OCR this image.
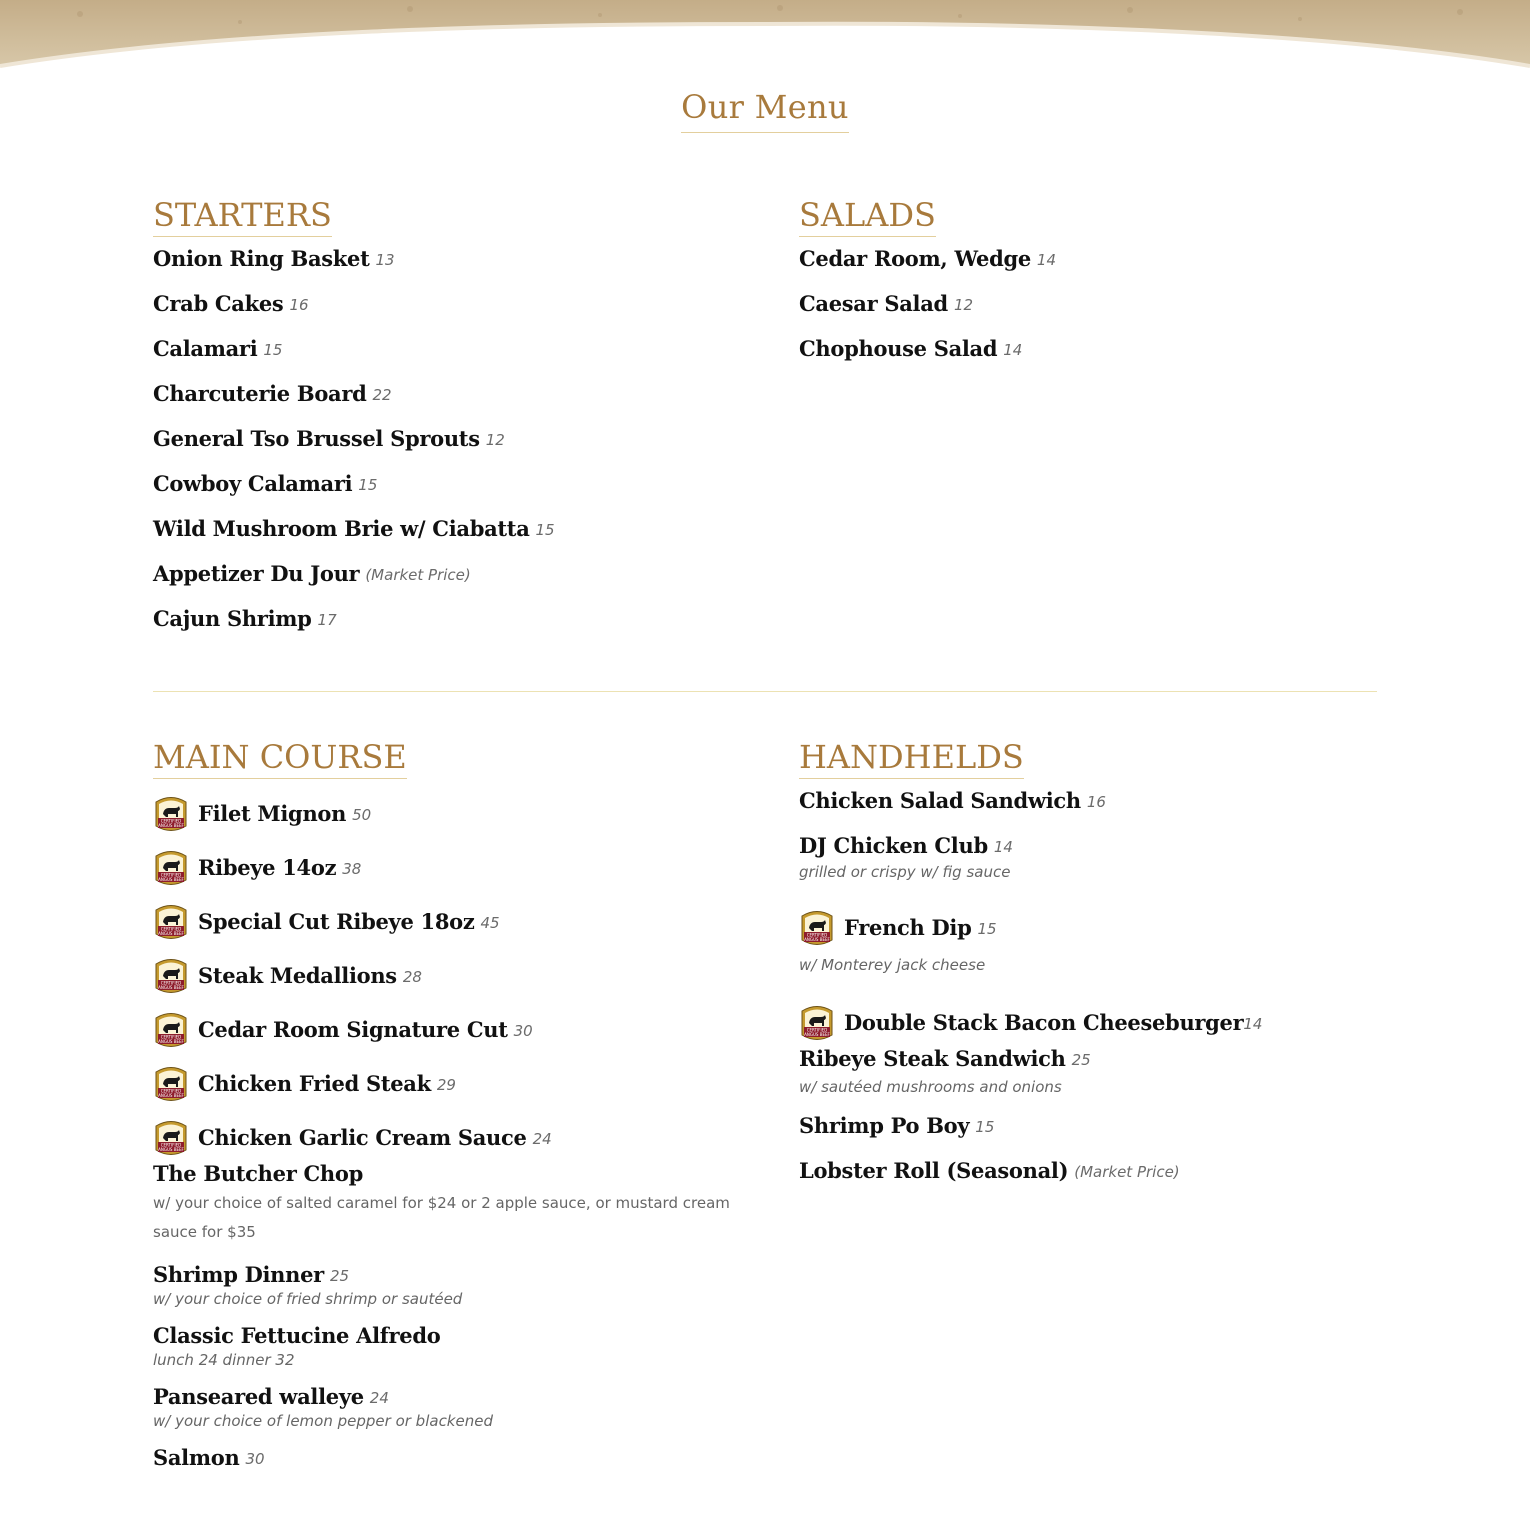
Our Menu
STARTERS
Onion Ring Basket 13
Crab Cakes 16
Calamari 15
Charcuterie Board 22
General Tso Brussel Sprouts 12
Cowboy Calamari 15
Wild Mushroom Brie w/ Ciabatta 15
Appetizer Du Jour (Market Price)
Cajun Shrimp 17
SALADS
Cedar Room, Wedge 14
Caesar Salad 12
Chophouse Salad 14
MAIN COURSE
CERTIFIED
ANGUS BEEF Filet Mignon 50
CERTIFIED
ANGUS BEEF Ribeye 14oz 38
CERTIFIED
ANGUS BEEF Special Cut Ribeye 18oz 45
CERTIFIED
ANGUS BEEF Steak Medallions 28
CERTIFIED
ANGUS BEEF Cedar Room Signature Cut 30
CERTIFIED
ANGUS BEEF Chicken Fried Steak 29
CERTIFIED
ANGUS BEEF Chicken Garlic Cream Sauce 24
The Butcher Chop
w/ your choice of salted caramel for $24 or 2 apple sauce, or mustard cream sauce for $35
Shrimp Dinner 25
w/ your choice of fried shrimp or sautéed
Classic Fettucine Alfredo
lunch 24 dinner 32
Panseared walleye 24
w/ your choice of lemon pepper or blackened
Salmon 30
HANDHELDS
Chicken Salad Sandwich 16
DJ Chicken Club 14
grilled or crispy w/ fig sauce
CERTIFIED
ANGUS BEEF French Dip 15
w/ Monterey jack cheese
CERTIFIED
ANGUS BEEF Double Stack Bacon Cheeseburger 14
Ribeye Steak Sandwich 25
w/ sautéed mushrooms and onions
Shrimp Po Boy 15
Lobster Roll (Seasonal) (Market Price)
